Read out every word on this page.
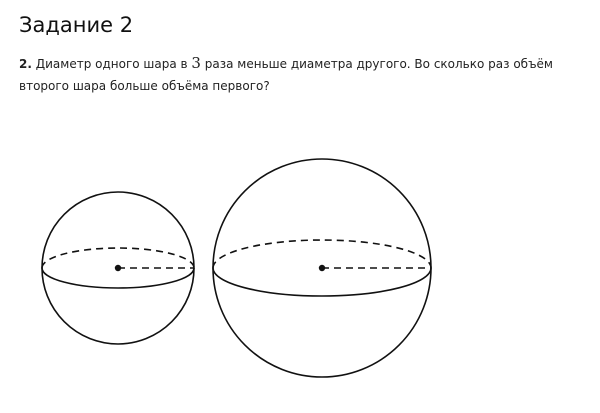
Задание 2

2. Диаметр одного шара в 3 раза меньше диаметра другого. Во сколько раз объём второго шара больше объёма первого?
